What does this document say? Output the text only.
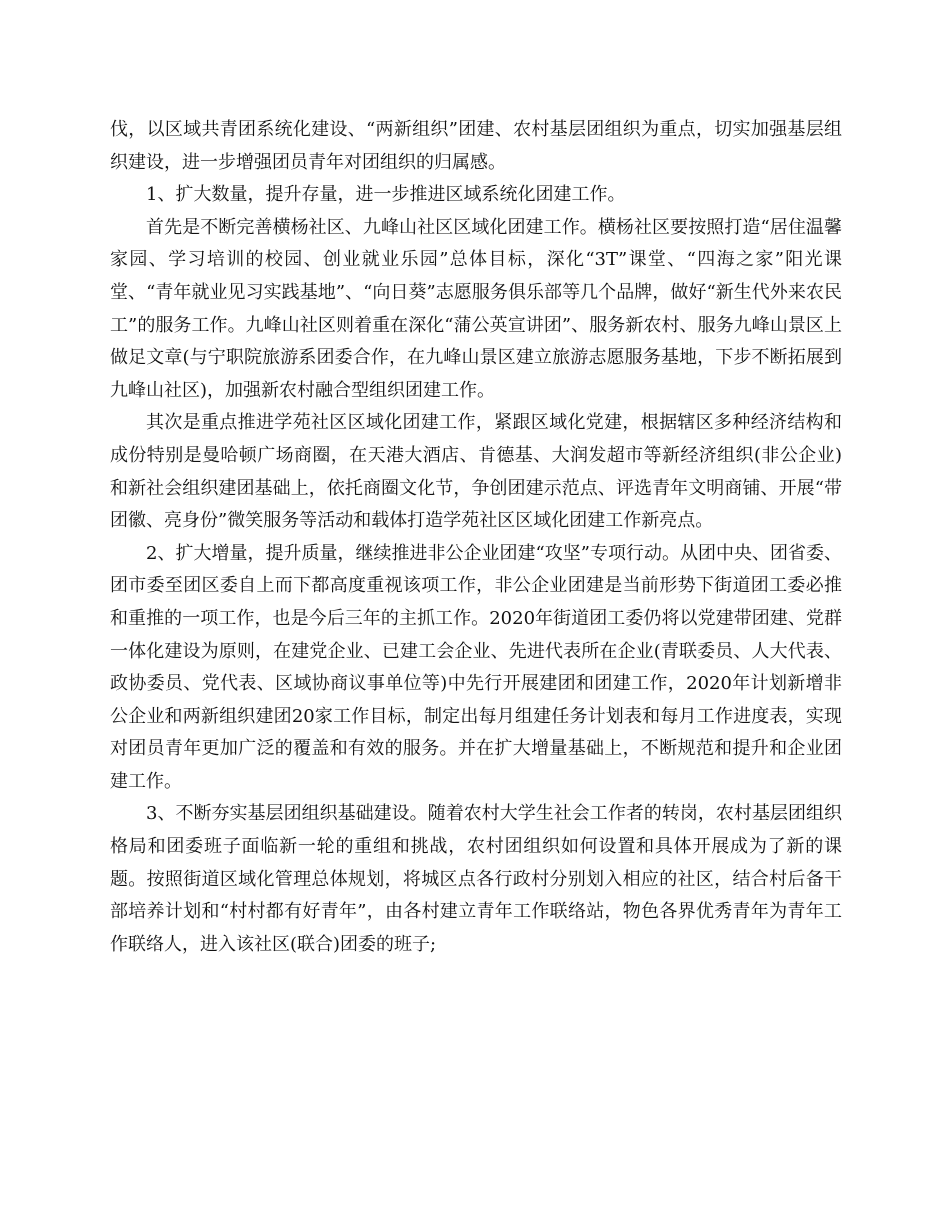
伐，以区域共青团系统化建设、“两新组织”团建、农村基层团组织为重点，切实加强基层组织建设，进一步增强团员青年对团组织的归属感。

1、扩大数量，提升存量，进一步推进区域系统化团建工作。

首先是不断完善横杨社区、九峰山社区区域化团建工作。横杨社区要按照打造“居住温馨家园、学习培训的校园、创业就业乐园”总体目标，深化“3T”课堂、“四海之家”阳光课堂、“青年就业见习实践基地”、“向日葵”志愿服务俱乐部等几个品牌，做好“新生代外来农民工”的服务工作。九峰山社区则着重在深化“蒲公英宣讲团”、服务新农村、服务九峰山景区上做足文章(与宁职院旅游系团委合作，在九峰山景区建立旅游志愿服务基地，下步不断拓展到九峰山社区)，加强新农村融合型组织团建工作。

其次是重点推进学苑社区区域化团建工作，紧跟区域化党建，根据辖区多种经济结构和成份特别是曼哈顿广场商圈，在天港大酒店、肯德基、大润发超市等新经济组织(非公企业)和新社会组织建团基础上，依托商圈文化节，争创团建示范点、评选青年文明商铺、开展“带团徽、亮身份”微笑服务等活动和载体打造学苑社区区域化团建工作新亮点。

2、扩大增量，提升质量，继续推进非公企业团建“攻坚”专项行动。从团中央、团省委、团市委至团区委自上而下都高度重视该项工作，非公企业团建是当前形势下街道团工委必推和重推的一项工作，也是今后三年的主抓工作。2020年街道团工委仍将以党建带团建、党群一体化建设为原则，在建党企业、已建工会企业、先进代表所在企业(青联委员、人大代表、政协委员、党代表、区域协商议事单位等)中先行开展建团和团建工作，2020年计划新增非公企业和两新组织建团20家工作目标，制定出每月组建任务计划表和每月工作进度表，实现对团员青年更加广泛的覆盖和有效的服务。并在扩大增量基础上，不断规范和提升和企业团建工作。

3、不断夯实基层团组织基础建设。随着农村大学生社会工作者的转岗，农村基层团组织格局和团委班子面临新一轮的重组和挑战，农村团组织如何设置和具体开展成为了新的课题。按照街道区域化管理总体规划，将城区点各行政村分别划入相应的社区，结合村后备干部培养计划和“村村都有好青年”，由各村建立青年工作联络站，物色各界优秀青年为青年工作联络人，进入该社区(联合)团委的班子;
